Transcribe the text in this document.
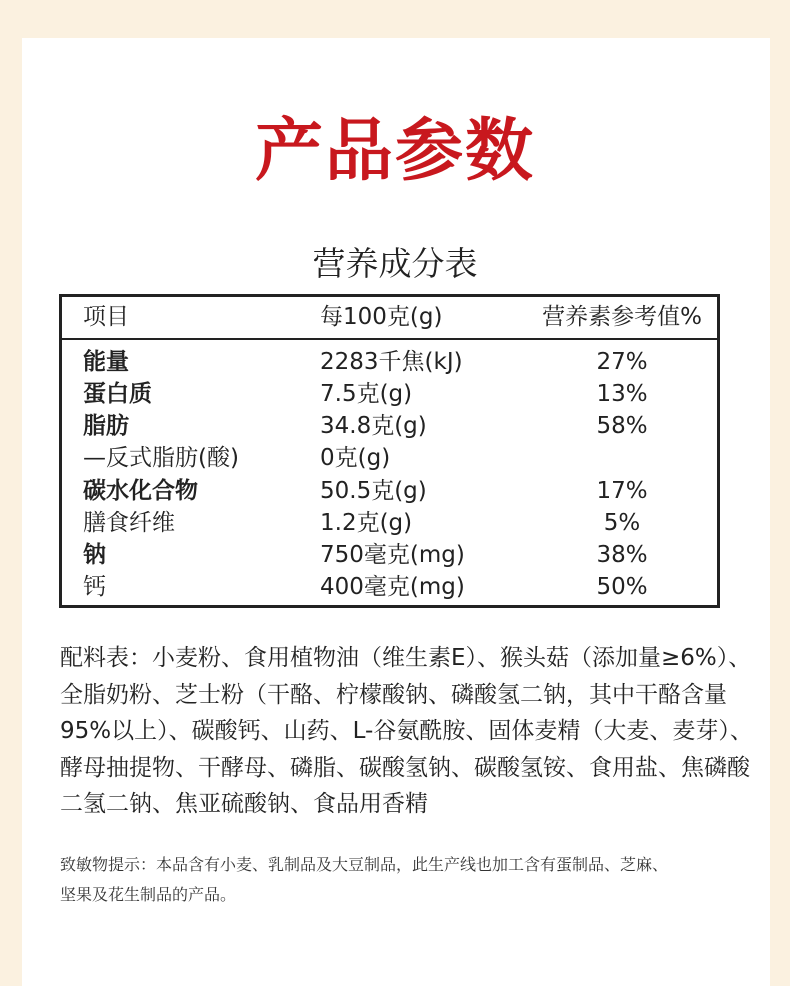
产品参数
营养成分表
项目	每100克(g)	营养素参考值%
能量	2283千焦(kJ)	27%
蛋白质	7.5克(g)	13%
脂肪	34.8克(g)	58%
—反式脂肪(酸)	0克(g)
碳水化合物	50.5克(g)	17%
膳食纤维	1.2克(g)	5%
钠	750毫克(mg)	38%
钙	400毫克(mg)	50%
配料表：小麦粉、食用植物油（维生素E）、猴头菇（添加量≥6%）、
全脂奶粉、芝士粉（干酪、柠檬酸钠、磷酸氢二钠，其中干酪含量
95%以上）、碳酸钙、山药、L-谷氨酰胺、固体麦精（大麦、麦芽）、
酵母抽提物、干酵母、磷脂、碳酸氢钠、碳酸氢铵、食用盐、焦磷酸
二氢二钠、焦亚硫酸钠、食品用香精
致敏物提示：本品含有小麦、乳制品及大豆制品，此生产线也加工含有蛋制品、芝麻、
坚果及花生制品的产品。
